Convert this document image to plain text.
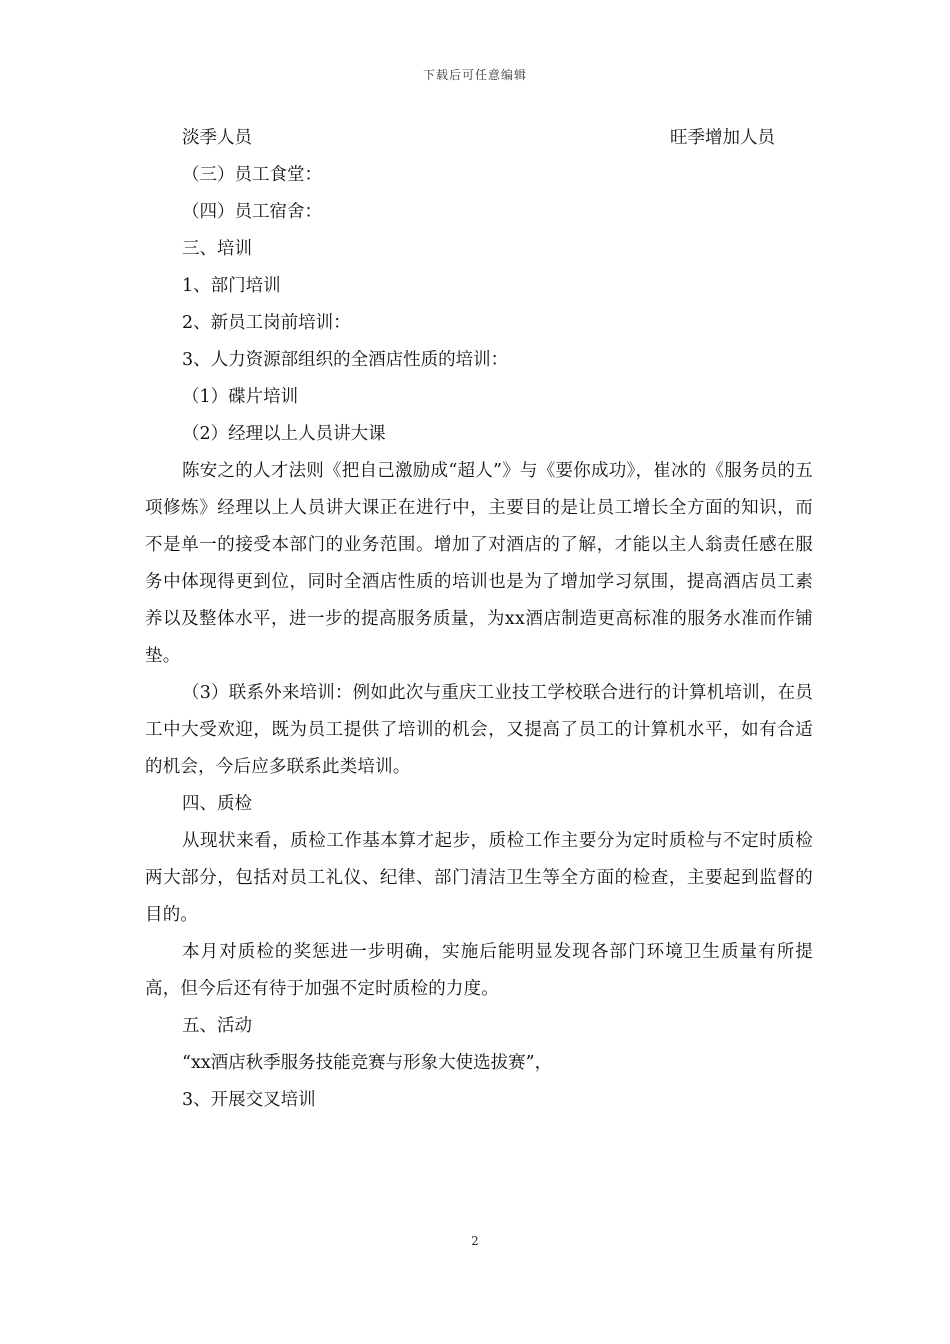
下载后可任意编辑
淡季人员	旺季增加人员

（三）员工食堂：

（四）员工宿舍：

三、培训

1、部门培训

2、新员工岗前培训：

3、人力资源部组织的全酒店性质的培训：

（1）碟片培训

（2）经理以上人员讲大课

陈安之的人才法则《把自己激励成“超人”》与《要你成功》，崔冰的《服务员的五项修炼》经理以上人员讲大课正在进行中，主要目的是让员工增长全方面的知识，而不是单一的接受本部门的业务范围。增加了对酒店的了解，才能以主人翁责任感在服务中体现得更到位，同时全酒店性质的培训也是为了增加学习氛围，提高酒店员工素养以及整体水平，进一步的提高服务质量，为xx酒店制造更高标准的服务水准而作铺垫。

（3）联系外来培训：例如此次与重庆工业技工学校联合进行的计算机培训，在员工中大受欢迎，既为员工提供了培训的机会，又提高了员工的计算机水平，如有合适的机会，今后应多联系此类培训。

四、质检

从现状来看，质检工作基本算才起步，质检工作主要分为定时质检与不定时质检两大部分，包括对员工礼仪、纪律、部门清洁卫生等全方面的检查，主要起到监督的目的。

本月对质检的奖惩进一步明确，实施后能明显发现各部门环境卫生质量有所提高，但今后还有待于加强不定时质检的力度。

五、活动

“xx酒店秋季服务技能竞赛与形象大使选拔赛”，

3、开展交叉培训

2
